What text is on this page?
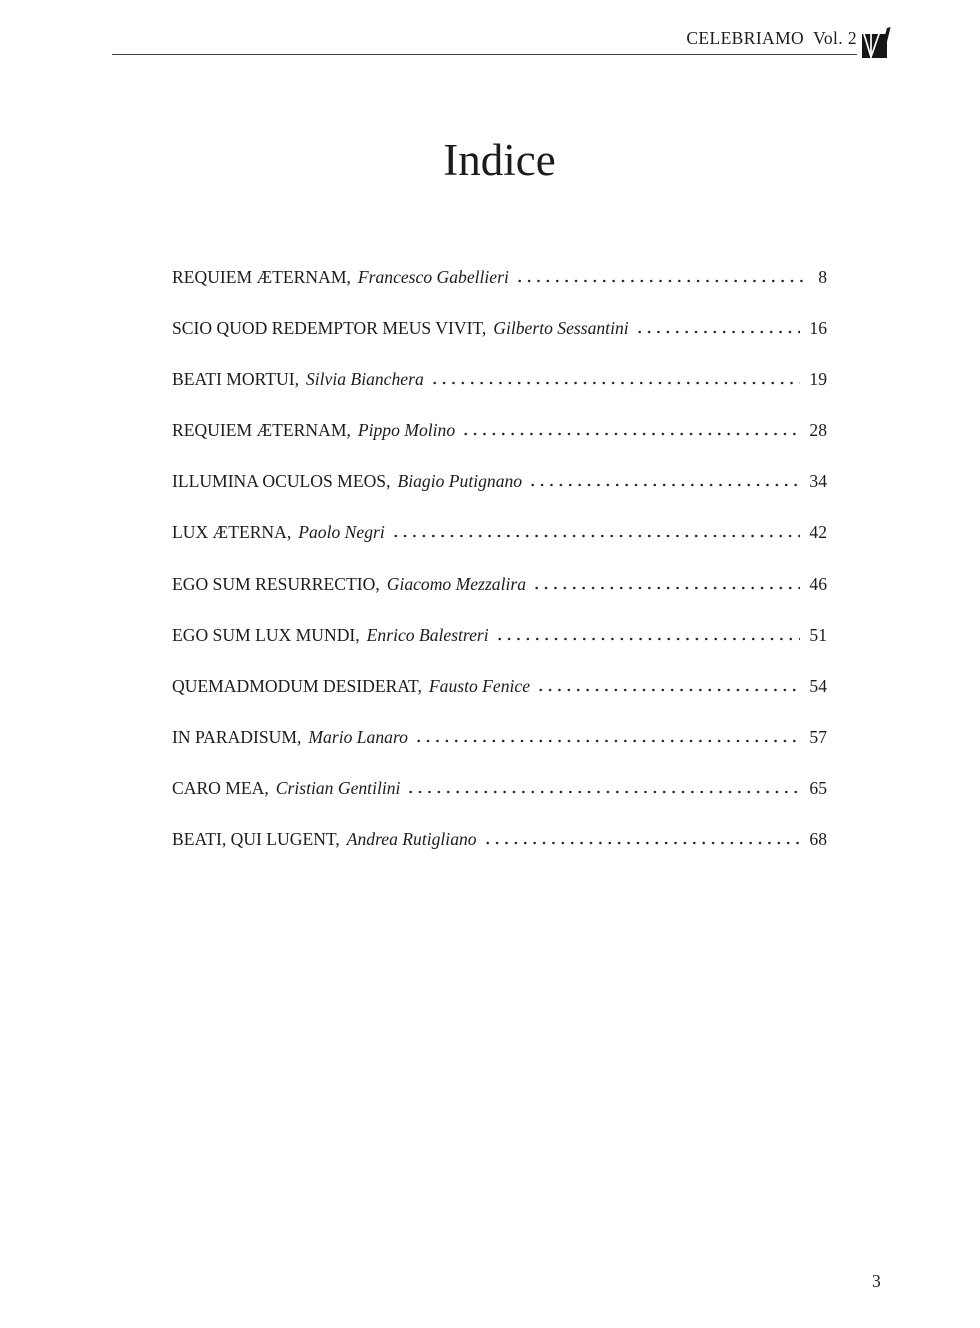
CELEBRIAMO Vol. 2
Indice
REQUIEM ÆTERNAM, Francesco Gabellieri	8
SCIO QUOD REDEMPTOR MEUS VIVIT, Gilberto Sessantini	16
BEATI MORTUI, Silvia Bianchera	19
REQUIEM ÆTERNAM, Pippo Molino	28
ILLUMINA OCULOS MEOS, Biagio Putignano	34
LUX ÆTERNA, Paolo Negri	42
EGO SUM RESURRECTIO, Giacomo Mezzalira	46
EGO SUM LUX MUNDI, Enrico Balestreri	51
QUEMADMODUM DESIDERAT, Fausto Fenice	54
IN PARADISUM, Mario Lanaro	57
CARO MEA, Cristian Gentilini	65
BEATI, QUI LUGENT, Andrea Rutigliano	68
3
